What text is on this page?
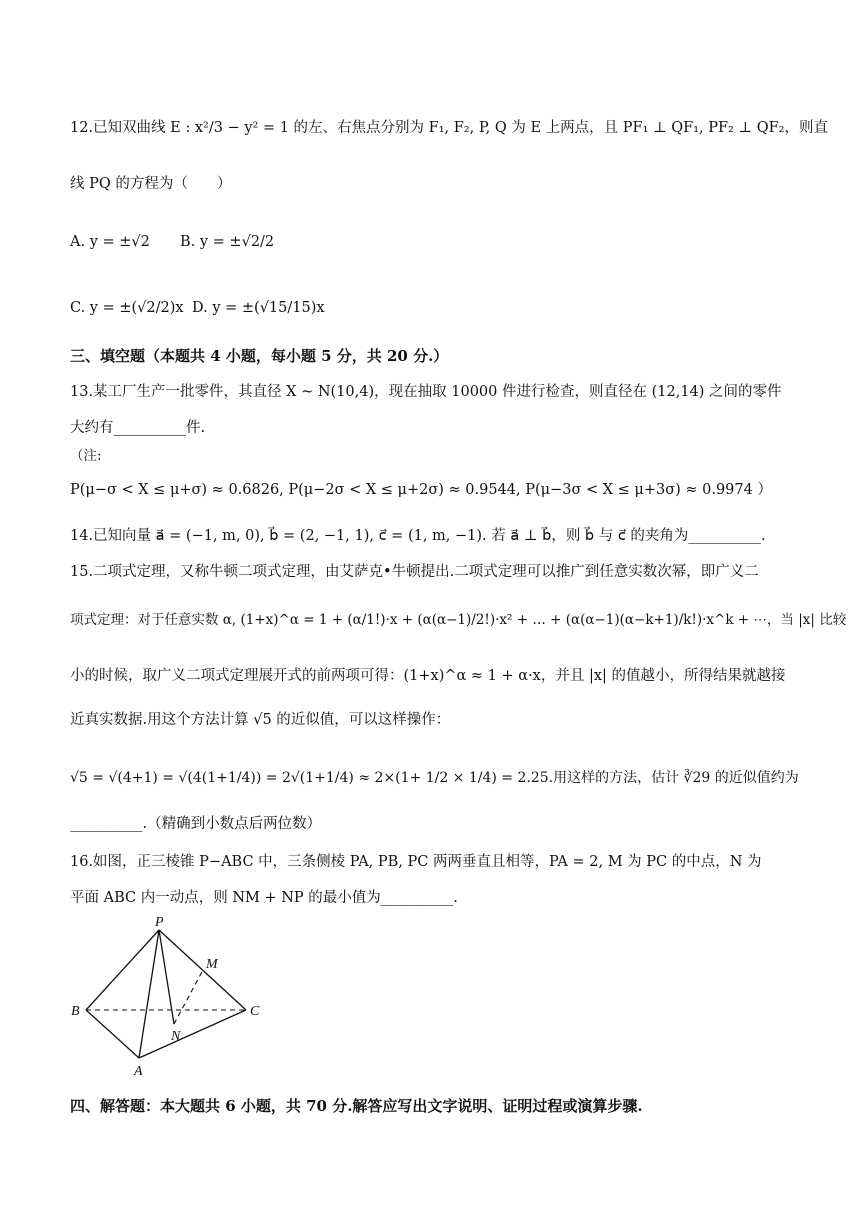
12.已知双曲线 E : x²/3 − y² = 1 的左、右焦点分别为 F₁, F₂, P, Q 为 E 上两点，且 PF₁ ⊥ QF₁, PF₂ ⊥ QF₂，则直
线 PQ 的方程为（　　）
A. y = ±√2 B. y = ±√2/2
C. y = ±(√2/2)x D. y = ±(√15/15)x
三、填空题（本题共 4 小题，每小题 5 分，共 20 分.）
13.某工厂生产一批零件，其直径 X ~ N(10,4)，现在抽取 10000 件进行检查，则直径在 (12,14) 之间的零件
大约有__________件.
（注:
P(μ−σ < X ≤ μ+σ) ≈ 0.6826, P(μ−2σ < X ≤ μ+2σ) ≈ 0.9544, P(μ−3σ < X ≤ μ+3σ) ≈ 0.9974 ）
14.已知向量 a⃗ = (−1, m, 0), b⃗ = (2, −1, 1), c⃗ = (1, m, −1). 若 a⃗ ⊥ b⃗，则 b⃗ 与 c⃗ 的夹角为__________.
15.二项式定理，又称牛顿二项式定理，由艾萨克•牛顿提出.二项式定理可以推广到任意实数次幂，即广义二
项式定理：对于任意实数 α, (1+x)^α = 1 + (α/1!)·x + (α(α−1)/2!)·x² + … + (α(α−1)(α−k+1)/k!)·x^k + ⋯，当 |x| 比较
小的时候，取广义二项式定理展开式的前两项可得：(1+x)^α ≈ 1 + α·x，并且 |x| 的值越小，所得结果就越接
近真实数据.用这个方法计算 √5 的近似值，可以这样操作：
√5 = √(4+1) = √(4(1+1/4)) = 2√(1+1/4) ≈ 2×(1+ 1/2 × 1/4) = 2.25.用这样的方法，估计 ∛29 的近似值约为
__________.（精确到小数点后两位数）
16.如图，正三棱锥 P−ABC 中，三条侧棱 PA, PB, PC 两两垂直且相等，PA = 2, M 为 PC 的中点，N 为
平面 ABC 内一动点，则 NM + NP 的最小值为__________.
P
M
B	C
N
A
四、解答题：本大题共 6 小题，共 70 分.解答应写出文字说明、证明过程或演算步骤.
